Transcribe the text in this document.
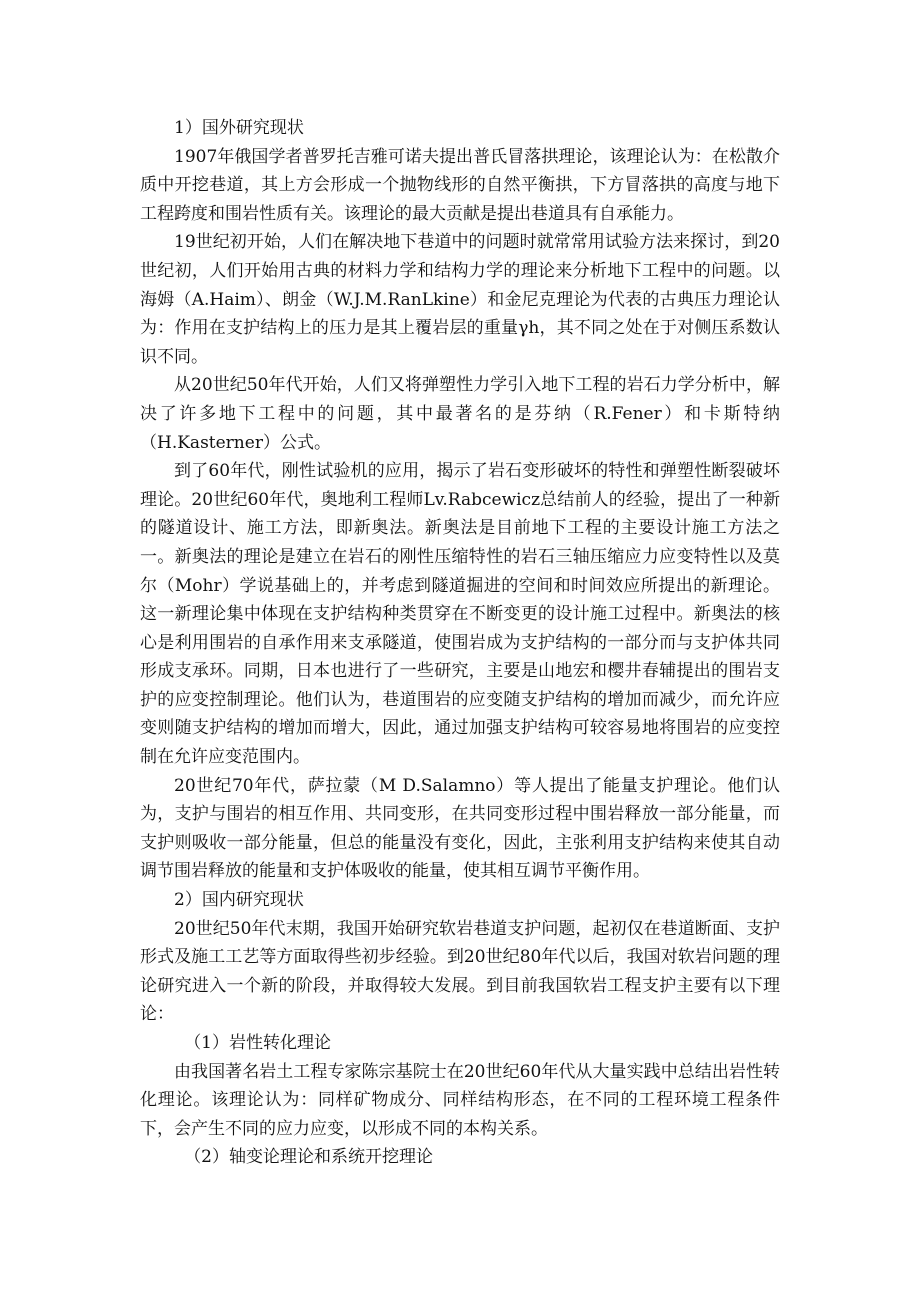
1）国外研究现状

1907年俄国学者普罗托吉雅可诺夫提出普氏冒落拱理论，该理论认为：在松散介质中开挖巷道，其上方会形成一个抛物线形的自然平衡拱，下方冒落拱的高度与地下工程跨度和围岩性质有关。该理论的最大贡献是提出巷道具有自承能力。

19世纪初开始，人们在解决地下巷道中的问题时就常常用试验方法来探讨，到20世纪初，人们开始用古典的材料力学和结构力学的理论来分析地下工程中的问题。以海姆（A.Haim）、朗金（W.J.M.RanLkine）和金尼克理论为代表的古典压力理论认为：作用在支护结构上的压力是其上覆岩层的重量γh，其不同之处在于对侧压系数认识不同。

从20世纪50年代开始，人们又将弹塑性力学引入地下工程的岩石力学分析中，解决了许多地下工程中的问题，其中最著名的是芬纳（R.Fener）和卡斯特纳（H.Kasterner）公式。

到了60年代，刚性试验机的应用，揭示了岩石变形破坏的特性和弹塑性断裂破坏理论。20世纪60年代，奥地利工程师Lv.Rabcewicz总结前人的经验，提出了一种新的隧道设计、施工方法，即新奥法。新奥法是目前地下工程的主要设计施工方法之一。新奥法的理论是建立在岩石的刚性压缩特性的岩石三轴压缩应力应变特性以及莫尔（Mohr）学说基础上的，并考虑到隧道掘进的空间和时间效应所提出的新理论。这一新理论集中体现在支护结构种类贯穿在不断变更的设计施工过程中。新奥法的核心是利用围岩的自承作用来支承隧道，使围岩成为支护结构的一部分而与支护体共同形成支承环。同期，日本也进行了一些研究，主要是山地宏和樱井春辅提出的围岩支护的应变控制理论。他们认为，巷道围岩的应变随支护结构的增加而减少，而允许应变则随支护结构的增加而增大，因此，通过加强支护结构可较容易地将围岩的应变控制在允许应变范围内。

20世纪70年代，萨拉蒙（M D.Salamno）等人提出了能量支护理论。他们认为，支护与围岩的相互作用、共同变形，在共同变形过程中围岩释放一部分能量，而支护则吸收一部分能量，但总的能量没有变化，因此，主张利用支护结构来使其自动调节围岩释放的能量和支护体吸收的能量，使其相互调节平衡作用。

2）国内研究现状

20世纪50年代末期，我国开始研究软岩巷道支护问题，起初仅在巷道断面、支护形式及施工工艺等方面取得些初步经验。到20世纪80年代以后，我国对软岩问题的理论研究进入一个新的阶段，并取得较大发展。到目前我国软岩工程支护主要有以下理论：

（1）岩性转化理论

由我国著名岩土工程专家陈宗基院士在20世纪60年代从大量实践中总结出岩性转化理论。该理论认为：同样矿物成分、同样结构形态，在不同的工程环境工程条件下，会产生不同的应力应变，以形成不同的本构关系。

（2）轴变论理论和系统开挖理论
